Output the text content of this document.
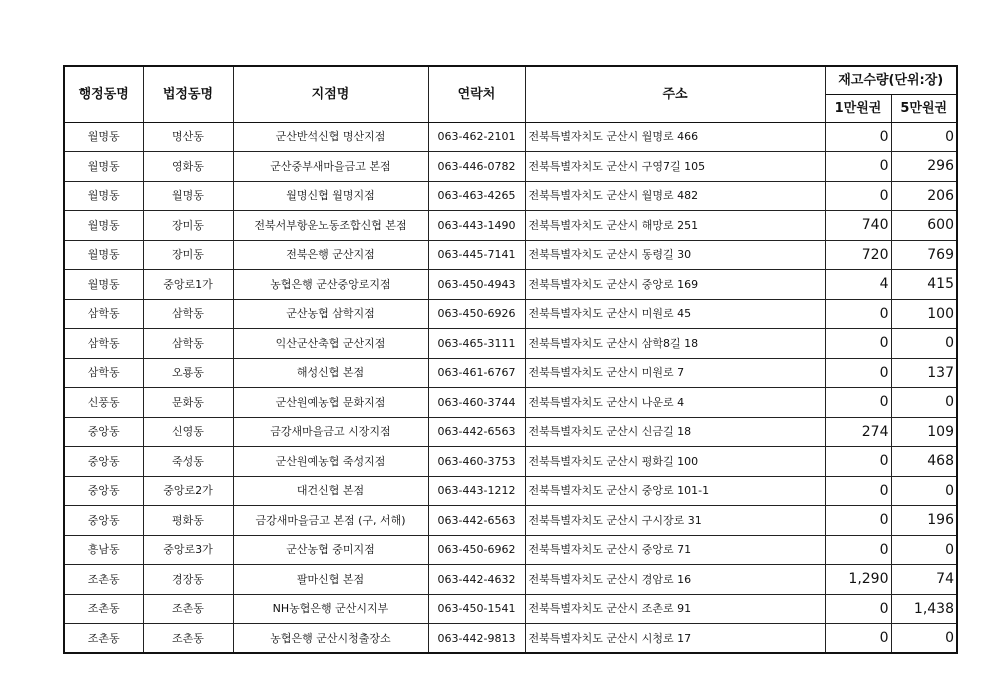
행정동명	법정동명	지점명	연락처	주소	재고수량(단위:장)	
					1만원권	5만원권
월명동	명산동	군산반석신협 명산지점	063-462-2101	전북특별자치도 군산시 월명로 466	0	0
월명동	영화동	군산중부새마을금고 본점	063-446-0782	전북특별자치도 군산시 구영7길 105	0	296
월명동	월명동	월명신협 월명지점	063-463-4265	전북특별자치도 군산시 월명로 482	0	206
월명동	장미동	전북서부항운노동조합신협 본점	063-443-1490	전북특별자치도 군산시 해망로 251	740	600
월명동	장미동	전북은행 군산지점	063-445-7141	전북특별자치도 군산시 동령길 30	720	769
월명동	중앙로1가	농협은행 군산중앙로지점	063-450-4943	전북특별자치도 군산시 중앙로 169	4	415
삼학동	삼학동	군산농협 삼학지점	063-450-6926	전북특별자치도 군산시 미원로 45	0	100
삼학동	삼학동	익산군산축협 군산지점	063-465-3111	전북특별자치도 군산시 삼학8길 18	0	0
삼학동	오룡동	해성신협 본점	063-461-6767	전북특별자치도 군산시 미원로 7	0	137
신풍동	문화동	군산원예농협 문화지점	063-460-3744	전북특별자치도 군산시 나운로 4	0	0
중앙동	신영동	금강새마을금고 시장지점	063-442-6563	전북특별자치도 군산시 신금길 18	274	109
중앙동	죽성동	군산원예농협 죽성지점	063-460-3753	전북특별자치도 군산시 평화길 100	0	468
중앙동	중앙로2가	대건신협 본점	063-443-1212	전북특별자치도 군산시 중앙로 101-1	0	0
중앙동	평화동	금강새마을금고 본점 (구, 서해)	063-442-6563	전북특별자치도 군산시 구시장로 31	0	196
흥남동	중앙로3가	군산농협 중미지점	063-450-6962	전북특별자치도 군산시 중앙로 71	0	0
조촌동	경장동	팔마신협 본점	063-442-4632	전북특별자치도 군산시 경암로 16	1,290	74
조촌동	조촌동	NH농협은행 군산시지부	063-450-1541	전북특별자치도 군산시 조촌로 91	0	1,438
조촌동	조촌동	농협은행 군산시청출장소	063-442-9813	전북특별자치도 군산시 시청로 17	0	0
